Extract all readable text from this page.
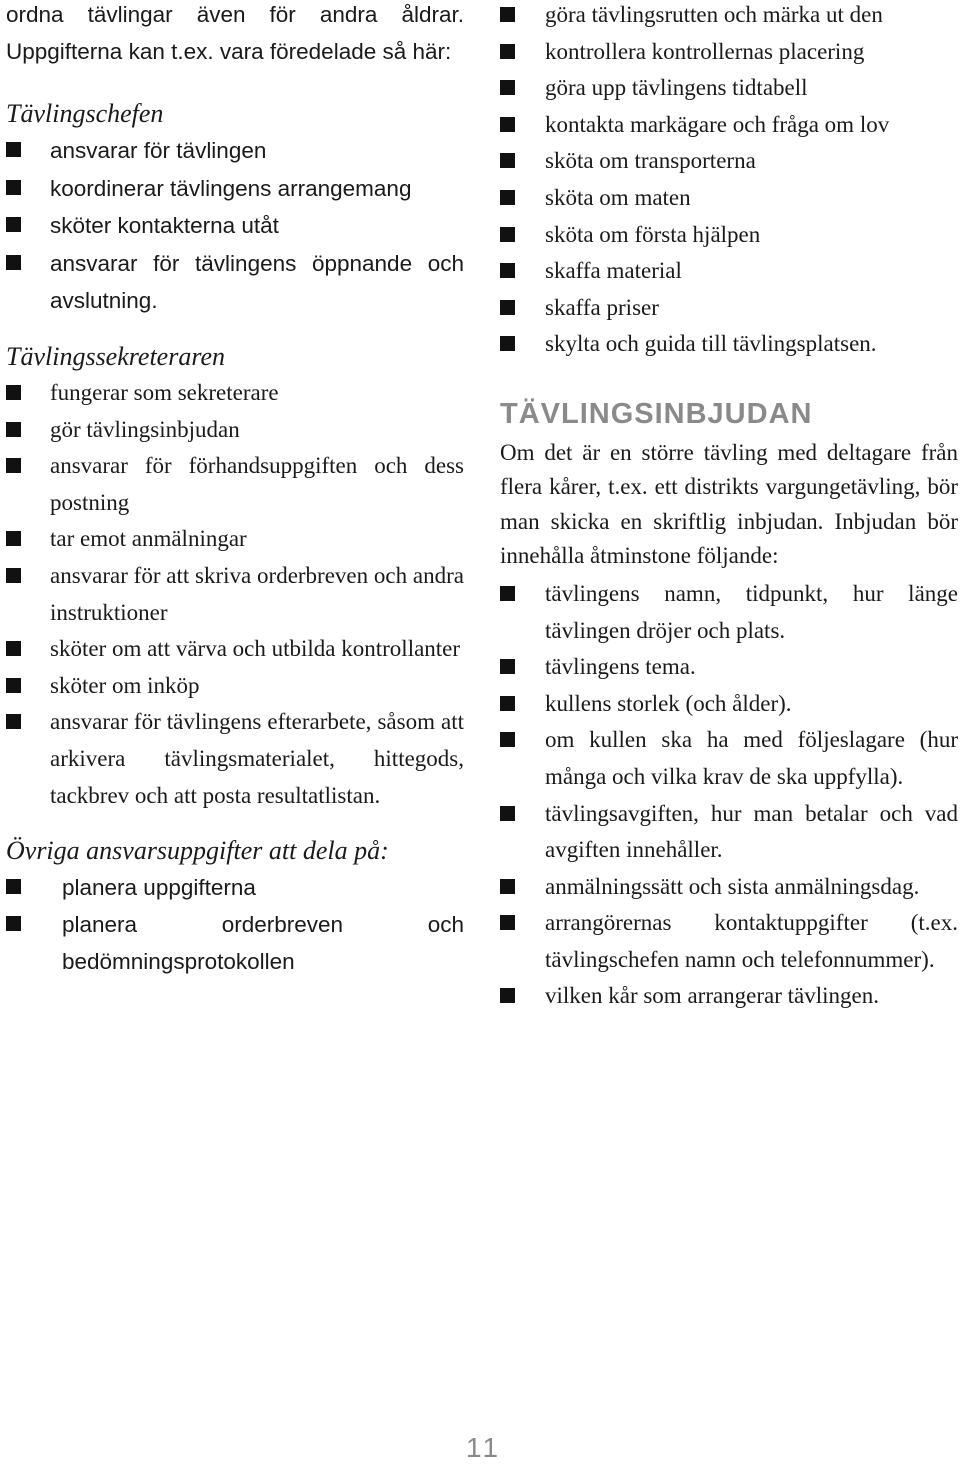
ordna tävlingar även för andra åldrar. Uppgifterna kan t.ex. vara föredelade så här:

Tävlingschefen

ansvarar för tävlingen
koordinerar tävlingens arrangemang
sköter kontakterna utåt
ansvarar för tävlingens öppnande och avslutning.

Tävlingssekreteraren

fungerar som sekreterare
gör tävlingsinbjudan
ansvarar för förhandsuppgiften och dess postning
tar emot anmälningar
ansvarar för att skriva orderbreven och andra instruktioner
sköter om att värva och utbilda kontrollanter
sköter om inköp
ansvarar för tävlingens efterarbete, såsom att arkivera tävlingsmaterialet, hittegods, tackbrev och att posta resultatlistan.

Övriga ansvarsuppgifter att dela på:

planera uppgifterna
planera orderbreven och bedömningsprotokollen
göra tävlingsrutten och märka ut den
kontrollera kontrollernas placering
göra upp tävlingens tidtabell
kontakta markägare och fråga om lov
sköta om transporterna
sköta om maten
sköta om första hjälpen
skaffa material
skaffa priser
skylta och guida till tävlingsplatsen.
TÄVLINGSINBJUDAN

Om det är en större tävling med deltagare från flera kårer, t.ex. ett distrikts vargungetävling, bör man skicka en skriftlig inbjudan. Inbjudan bör innehålla åtminstone följande:

tävlingens namn, tidpunkt, hur länge tävlingen dröjer och plats.
tävlingens tema.
kullens storlek (och ålder).
om kullen ska ha med följeslagare (hur många och vilka krav de ska uppfylla).
tävlingsavgiften, hur man betalar och vad avgiften innehåller.
anmälningssätt och sista anmälningsdag.
arrangörernas kontaktuppgifter (t.ex. tävlingschefen namn och telefonnummer).
vilken kår som arrangerar tävlingen.
11
